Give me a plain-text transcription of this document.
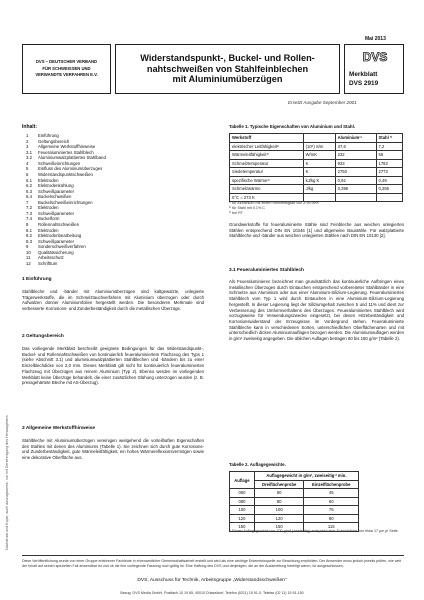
Nachdruck und Kopie, auch auszugsweise, nur mit Genehmigung des Herausgebers
Mai 2013
DVS – DEUTSCHER VERBAND
FÜR SCHWEISSEN UND
VERWANDTE VERFAHREN E.V.
Widerstandspunkt-, Buckel- und Rollen-
nahtschweißen von Stahlfeinblechen
mit Aluminiumüberzügen
DVS
Merkblatt
DVS 2919
Ersetzt Ausgabe September 2001
Inhalt:
1	Einführung
2	Geltungsbereich
3	Allgemeine Werkstoffhinweise
3.1	Feueraluminiertes Stahlblech
3.2	Aluminiumwalzplattiertes Stahlband
4	Schweißeinrichtungen
5	Einfluss des Aluminiumüberzuges
6	Widerstandspunktschweißen
6.1	Elektroden
6.2	Elektrodenkühlung
6.3	Schweißparameter
6.4	Buckelschweißen
7	Buckelschweißeinrichtungen
7.2	Elektroden
7.3	Schweißparameter
7.4	Buckelform
8	Rollennahtschweißen
8.1	Elektroden
8.2	Elektrodenbearbeitung
8.3	Schweißparameter
9	Sonderschweißverfahren
10	Qualitätssicherung
11	Arbeitsschutz
12	Schrifttum
1 Einführung
Stahlbleche und -bänder mit Aluminiumüberzügen sind kaltgewalzte, unlegierte Trägerwerkstoffe, die im Schmelztauchverfahren mit Aluminium überzogen oder durch Aufwalzen dünner Aluminiumfolien hergestellt werden. Die besonderen Merkmale sind verbesserte Korrosions- und Zunderbeständigkeit durch die metallischen Überzüge.
2 Geltungsbereich
Das vorliegende Merkblatt beschreibt geeignete Bedingungen für das Widerstandspunkt-, Buckel- und Rollennahtschweißen von kontinuierlich feueraluminiertem Flachzeug des Typs 1 (siehe Abschnitt 3.1) und aluminiumwalzplattierten Stahlblechen und -bändern bis zu einer Einzelblechdicke von 2,0 mm. Dieses Merkblatt gilt nicht für kontinuierlich feueraluminiertes Flachzeug mit Überzügen aus reinem Aluminium (Typ 2). Ebenso werden im vorliegenden Merkblatt keine Überzüge behandelt, die einer zusätzlichen Glühung unterzogen wurden (z. B. pressgehärtete Bleche mit AS-Überzug).
3 Allgemeine Werkstoffhinweise
Stahlbleche mit Aluminiumüberzügen vereinigen weitgehend die vorteilhaften Eigenschaften des Stahles mit denen des Aluminiums (Tabelle 1). Sie zeichnen sich durch gute Korrosions- und Zunderbeständigkeit, gute Wärmeleitfähigkeit, ein hohes Wärmereflexionsvermögen sowie eine dekorative Oberfläche aus.
Tabelle 1. Typische Eigenschaften von Aluminium und Stahl.
Werkstoff		Aluminium¹⁾	Stahl ²⁾
elektrischer Leitfähigkeit³⁾	(10⁶) S/m	37,6	7,2
Wärmeleitfähigkeit³⁾	W/mK	232	55
Schmelztemperatur	K	933	1783
Siedetemperatur	K	2750	2773
spezifische Wärme³⁾	kJ/kg K	0,92	0,49
Schmelzwärme	J/kg	0,396	0,255
0°C = 273 K			
¹⁾ für Aluminium mit einem Reinheitsgrad von ≥ 99,99%
²⁾ für Stahl mit 0,1% C
³⁾ bei RT
Grundwerkstoffe für feueraluminierte Stähle sind Feinbleche aus weichen unlegierten Stählen entsprechend DIN EN 10346 [1] und allgemeine Baustähle. Für walzplattierte Stahlbleche und -bänder aus weichen unlegierten Stählen nach DIN EN 10130 [2].
3.1 Feueraluminiertes Stahlblech
Als Feueraluminieren bezeichnet man grundsätzlich das kontinuierliche Aufbringen eines metallischen Überzuges durch Eintauchen entsprechend vorbereiteter Stahlbänder in eine Schmelze aus Aluminium oder aus einer Aluminium-Silizium-Legierung. Feueraluminiertes Stahlblech vom Typ 1 wird durch Eintauchen in eine Aluminium-Silizium-Legierung hergestellt. In dieser Legierung liegt der Siliziumgehalt zwischen 5 und 11% und dient zur Verbesserung des Umformverhaltens des Überzuges. Feueraluminiertes Stahlblech wird vorzugsweise für Verwendungszwecke eingesetzt, bei denen Hitzebeständigkeit und Korrosionswiderstand der Erzeugnisse im Vordergrund stehen. Feueraluminierte Stahlbleche kann in verschiedenen Sorten, unterschiedlichen Oberflächenarten und mit unterschiedlich dicken Aluminiumauflagen bezogen werden. Die Aluminiumauflagen werden in g/m² zweiseitig angegeben. Die üblichen Auflagen betragen 60 bis 150 g/m² (Tabelle 2).
Tabelle 2. Auflagegewichte.
Auflage	Auflagegewicht in g/m², zweiseitig¹⁾ min.	
	Dreiflächenprobe	Einzelflächenprobe
060	60	45
080	80	60
100	100	75
120	120	90
150	150	115
¹⁾ Einem Auflagegewicht von 100 g/m² (zweiseitig) entspricht eine Schichtdicke von etwa 17 µm je Seite.
Diese Veröffentlichung wurde von einer Gruppe erfahrener Fachleute in ehrenamtlicher Gemeinschaftsarbeit erstellt und wird als eine wichtige Erkenntnisquelle zur Beachtung empfohlen. Der Anwender muss jedoch jeweils prüfen, wie weit der Inhalt auf seinen speziellen Fall anwendbar ist und ob die ihm vorliegende Fassung noch gültig ist. Eine Haftung des DVS und derjenigen, die an der Ausarbeitung beteiligt waren, ist ausgeschlossen.
DVS, Ausschuss für Technik, Arbeitsgruppe „Widerstandsschweißen"
Bezug: DVS Media GmbH, Postfach 10 19 65, 40010 Düsseldorf, Telefon (0211) 15 91-0, Telefax (02 11) 15 91-150
